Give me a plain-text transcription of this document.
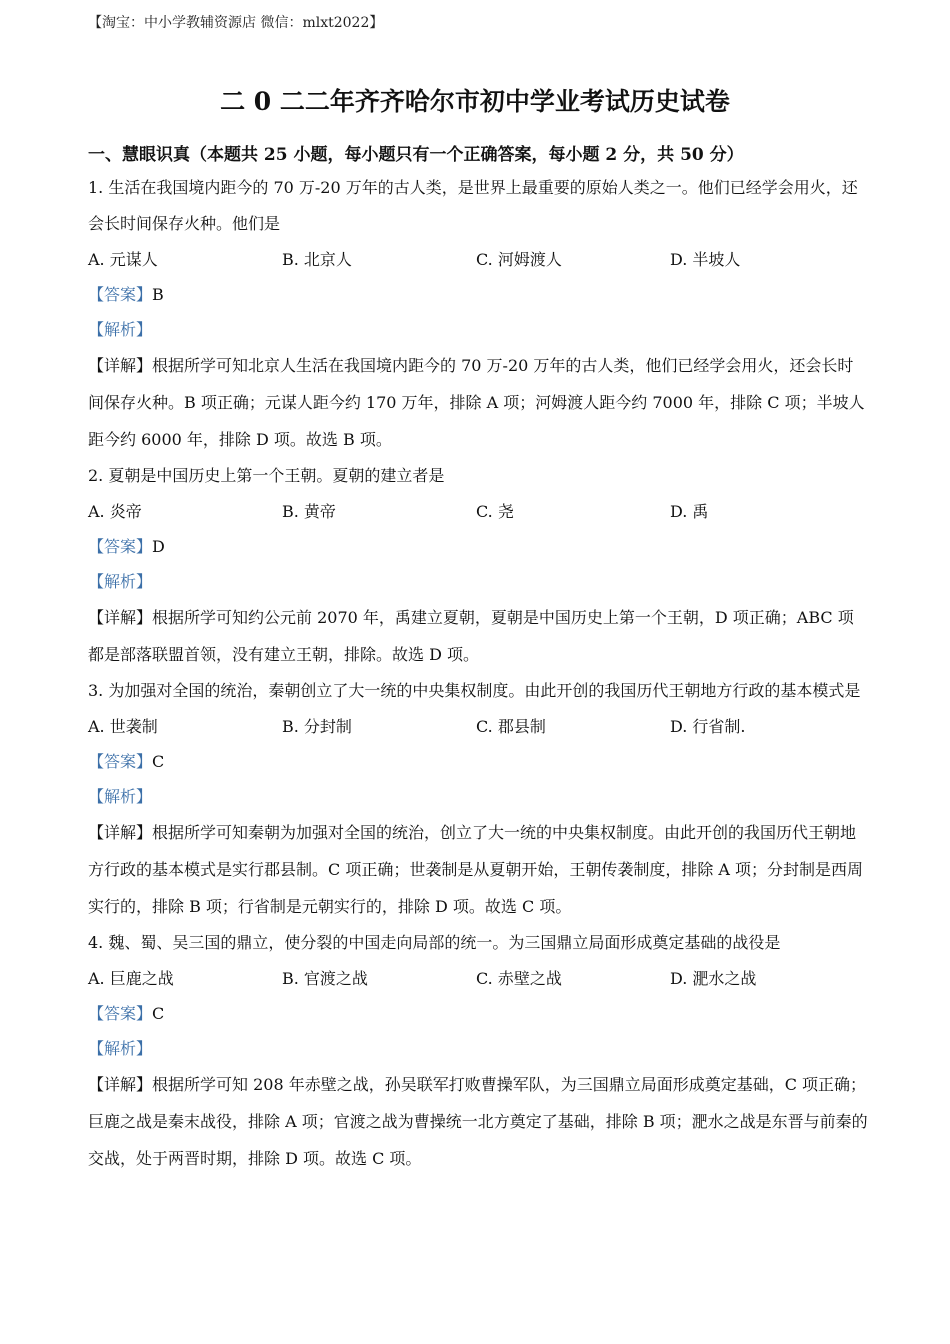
【淘宝：中小学教辅资源店 微信：mlxt2022】
二 0 二二年齐齐哈尔市初中学业考试历史试卷
一、慧眼识真（本题共 25 小题，每小题只有一个正确答案，每小题 2 分，共 50 分）

1. 生活在我国境内距今的 70 万-20 万年的古人类，是世界上最重要的原始人类之一。他们已经学会用火，还会长时间保存火种。他们是

A. 元谋人	B. 北京人	C. 河姆渡人	D. 半坡人
【答案】B
【解析】

【详解】根据所学可知北京人生活在我国境内距今的 70 万-20 万年的古人类，他们已经学会用火，还会长时间保存火种。B 项正确；元谋人距今约 170 万年，排除 A 项；河姆渡人距今约 7000 年，排除 C 项；半坡人距今约 6000 年，排除 D 项。故选 B 项。

2. 夏朝是中国历史上第一个王朝。夏朝的建立者是

A. 炎帝	B. 黄帝	C. 尧	D. 禹
【答案】D
【解析】

【详解】根据所学可知约公元前 2070 年，禹建立夏朝，夏朝是中国历史上第一个王朝，D 项正确；ABC 项都是部落联盟首领，没有建立王朝，排除。故选 D 项。

3. 为加强对全国的统治，秦朝创立了大一统的中央集权制度。由此开创的我国历代王朝地方行政的基本模式是

A. 世袭制	B. 分封制	C. 郡县制	D. 行省制.
【答案】C
【解析】

【详解】根据所学可知秦朝为加强对全国的统治，创立了大一统的中央集权制度。由此开创的我国历代王朝地方行政的基本模式是实行郡县制。C 项正确；世袭制是从夏朝开始，王朝传袭制度，排除 A 项；分封制是西周实行的，排除 B 项；行省制是元朝实行的，排除 D 项。故选 C 项。

4. 魏、蜀、吴三国的鼎立，使分裂的中国走向局部的统一。为三国鼎立局面形成奠定基础的战役是

A. 巨鹿之战	B. 官渡之战	C. 赤壁之战	D. 淝水之战
【答案】C
【解析】

【详解】根据所学可知 208 年赤壁之战，孙吴联军打败曹操军队，为三国鼎立局面形成奠定基础，C 项正确；巨鹿之战是秦末战役，排除 A 项；官渡之战为曹操统一北方奠定了基础，排除 B 项；淝水之战是东晋与前秦的交战，处于两晋时期，排除 D 项。故选 C 项。
